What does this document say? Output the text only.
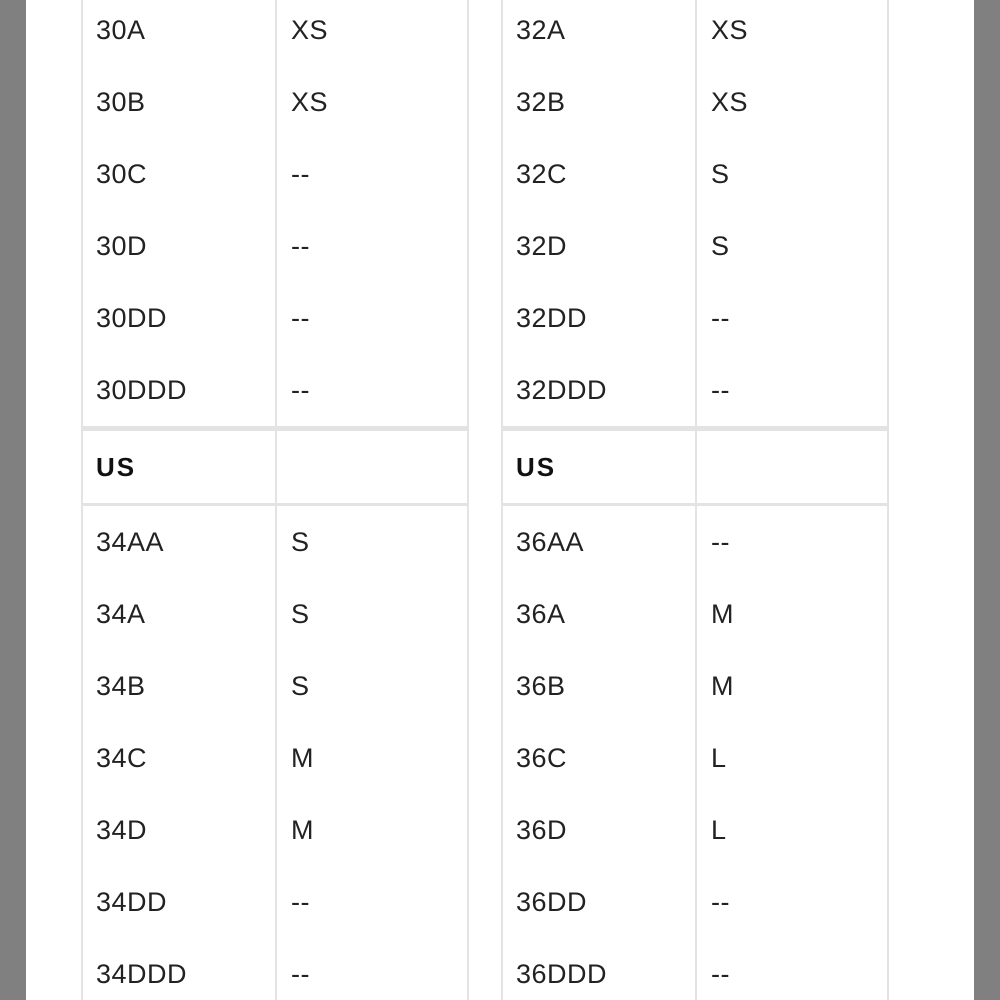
30A	XS
30B	XS
30C	--
30D	--
30DD	--
30DDD	--
US
34AA	S
34A	S
34B	S
34C	M
34D	M
34DD	--
34DDD	--
32A	XS
32B	XS
32C	S
32D	S
32DD	--
32DDD	--
US
36AA	--
36A	M
36B	M
36C	L
36D	L
36DD	--
36DDD	--
